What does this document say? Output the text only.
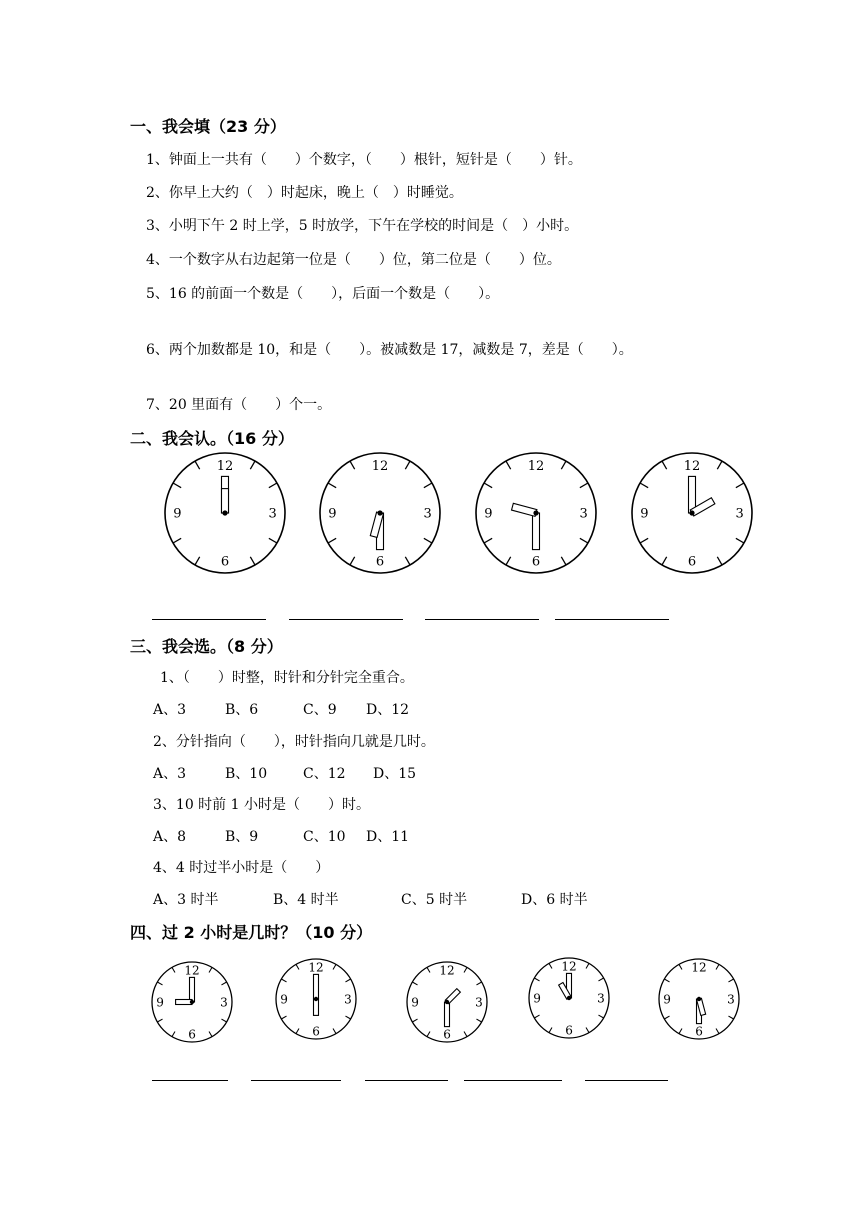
一、我会填（23 分）
1、钟面上一共有（　　）个数字，（　　）根针，短针是（　　）针。
2、你早上大约（　）时起床，晚上（　）时睡觉。
3、小明下午 2 时上学，5 时放学，下午在学校的时间是（　）小时。
4、一个数字从右边起第一位是（　　）位，第二位是（　　）位。
5、16 的前面一个数是（　　），后面一个数是（　　）。
6、两个加数都是 10，和是（　　）。被减数是 17，减数是 7，差是（　　）。
7、20 里面有（　　）个一。
二、我会认。（16 分）
12
3
6
9
12
3
6
9
12
3
6
9
12
3
6
9
三、我会选。（8 分）
1、（　　）时整，时针和分针完全重合。
A、3	B、6	C、9 D、12
2、分针指向（　　），时针指向几就是几时。
A、3	B、10	C、12 D、15
3、10 时前 1 小时是（　　）时。
A、8	B、9	C、10 D、11
4、4 时过半小时是（　　）
A、3 时半	B、4 时半	C、5 时半	D、6 时半
四、过 2 小时是几时？（10 分）
12
3
6
9
12
3
6
9
12
3
6
9
12
3
6
9
12
3
6
9
